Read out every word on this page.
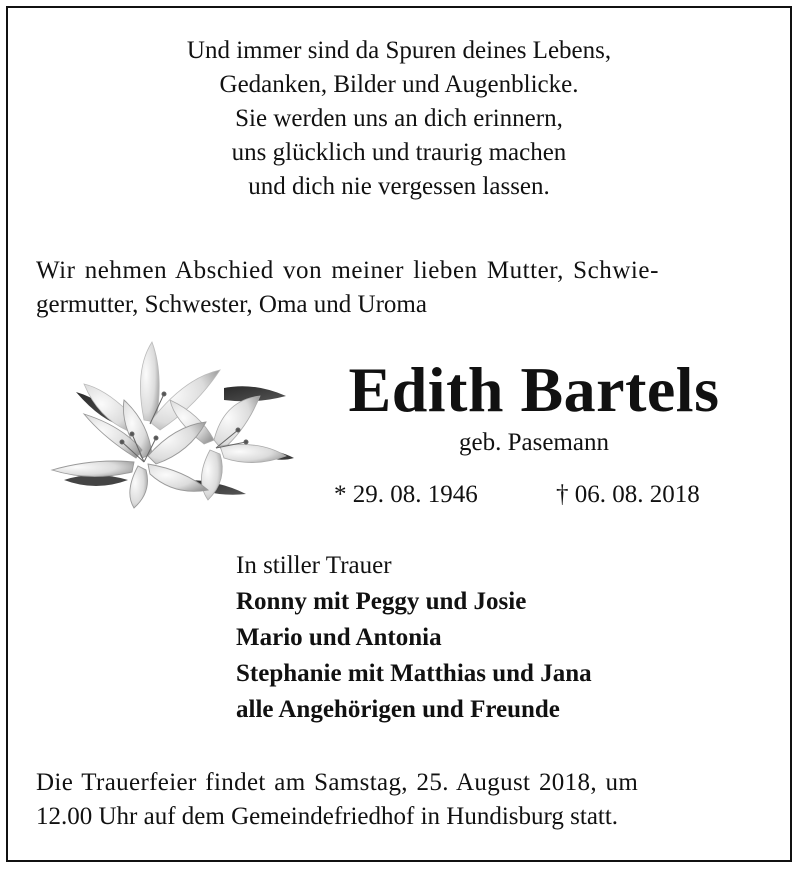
Und immer sind da Spuren deines Lebens,
Gedanken, Bilder und Augenblicke.
Sie werden uns an dich erinnern,
uns glücklich und traurig machen
und dich nie vergessen lassen.
Wir nehmen Abschied von meiner lieben Mutter, Schwie-
germutter, Schwester, Oma und Uroma
Edith Bartels
geb. Pasemann
* 29. 08. 1946	† 06. 08. 2018
In stiller Trauer
Ronny mit Peggy und Josie
Mario und Antonia
Stephanie mit Matthias und Jana
alle Angehörigen und Freunde
Die Trauerfeier findet am Samstag, 25. August 2018, um
12.00 Uhr auf dem Gemeindefriedhof in Hundisburg statt.
